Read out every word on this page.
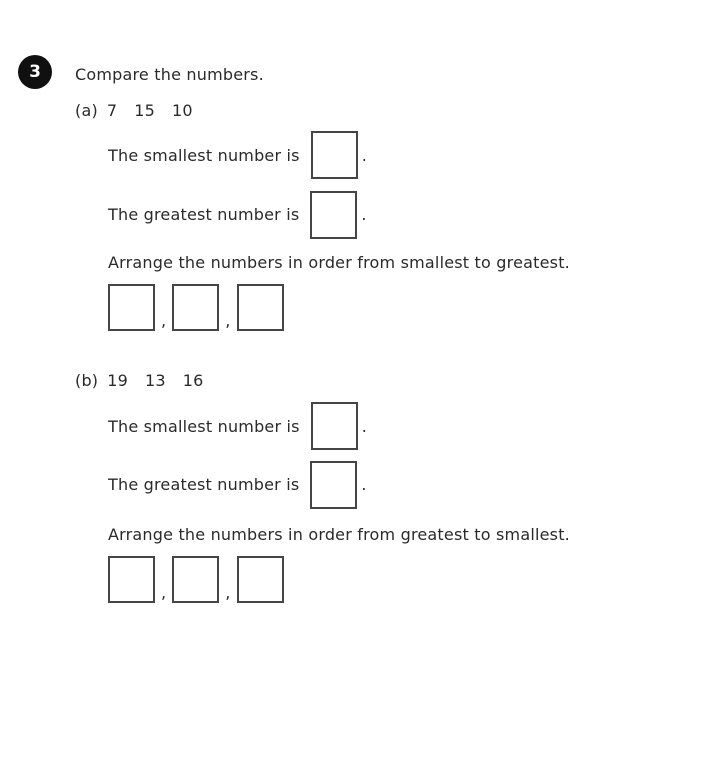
3 Compare the numbers.
(a) 7 15 10
The smallest number is	.
The greatest number is	.
Arrange the numbers in order from smallest to greatest.
,	,
(b) 19 13 16
The smallest number is	.
The greatest number is	.
Arrange the numbers in order from greatest to smallest.
,	,
